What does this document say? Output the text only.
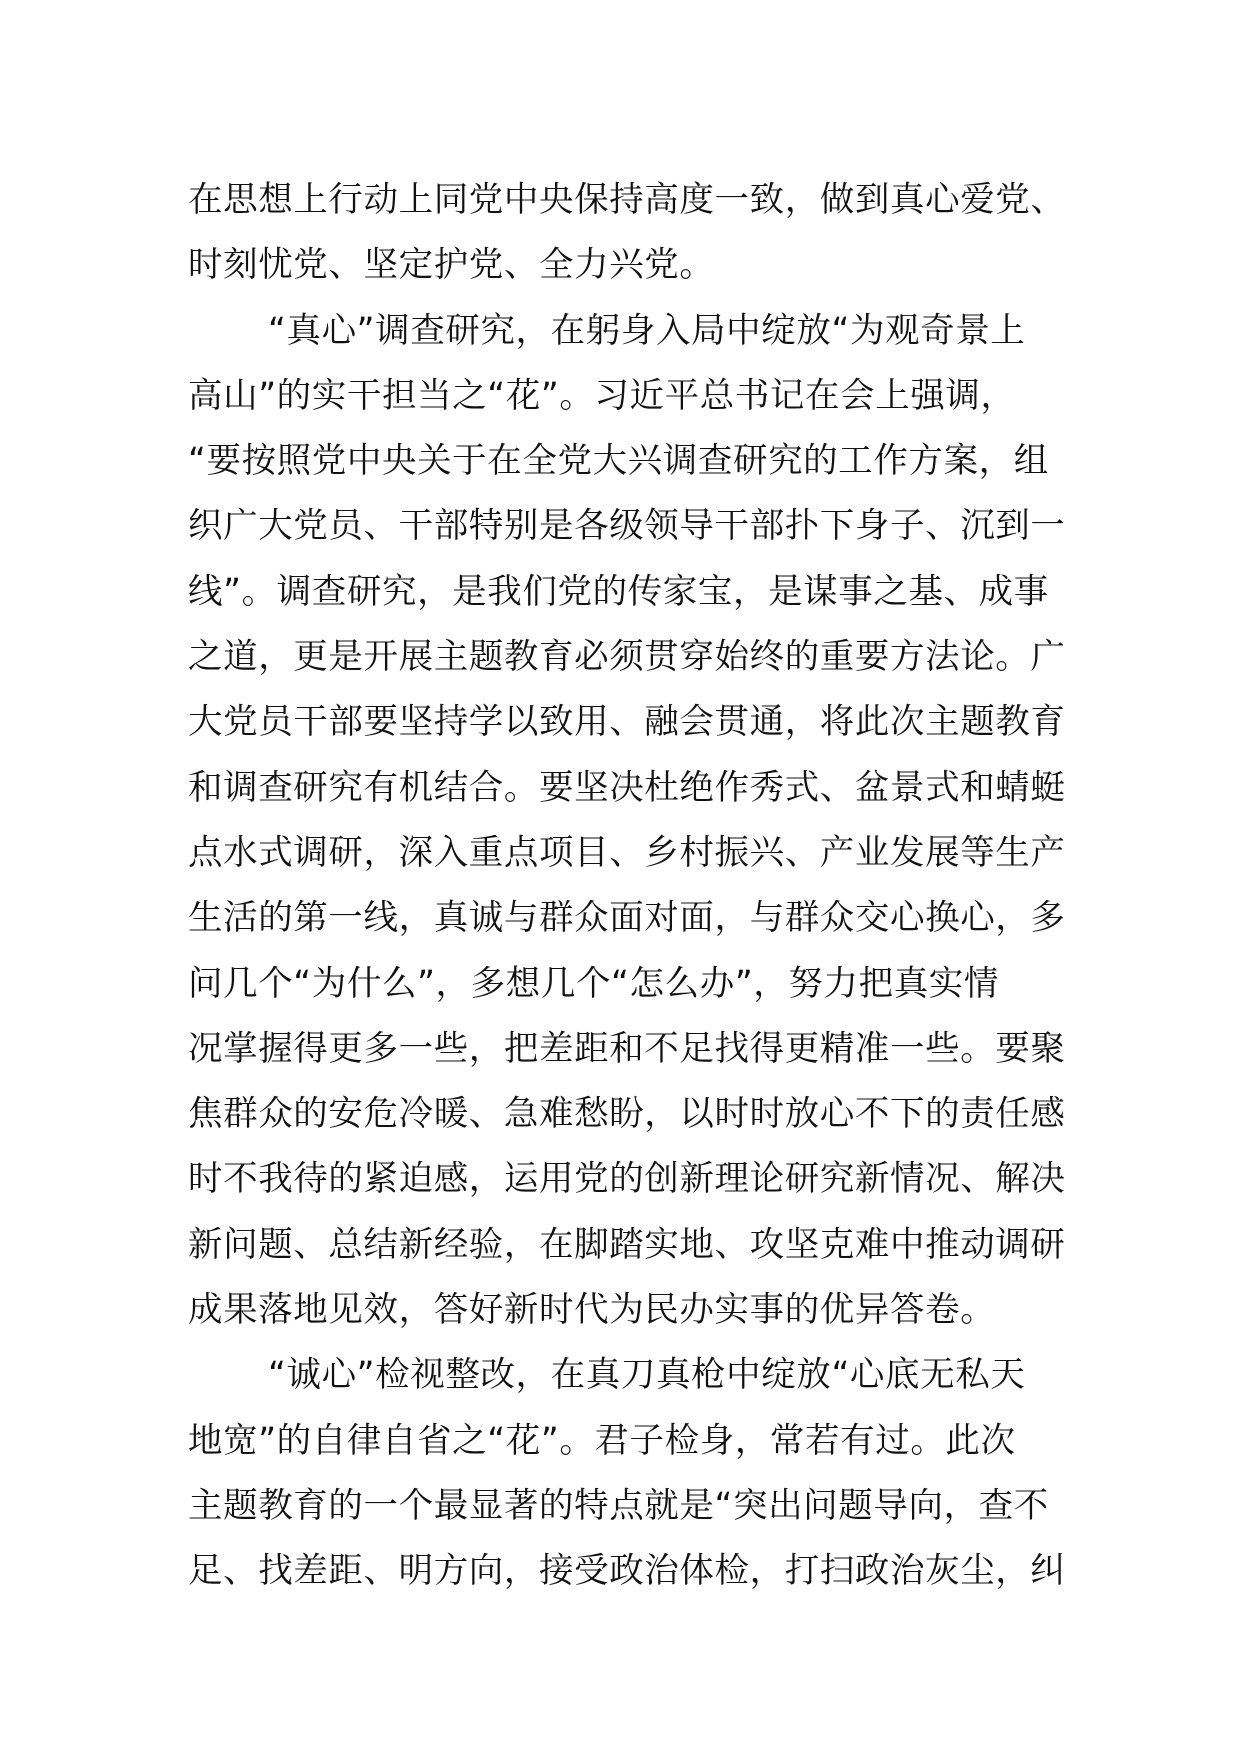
在思想上行动上同党中央保持高度一致，做到真心爱党、
时刻忧党、坚定护党、全力兴党。
“真心”调查研究，在躬身入局中绽放“为观奇景上
高山”的实干担当之“花”。习近平总书记在会上强调，
“要按照党中央关于在全党大兴调查研究的工作方案，组
织广大党员、干部特别是各级领导干部扑下身子、沉到一
线”。调查研究，是我们党的传家宝，是谋事之基、成事
之道，更是开展主题教育必须贯穿始终的重要方法论。广
大党员干部要坚持学以致用、融会贯通，将此次主题教育
和调查研究有机结合。要坚决杜绝作秀式、盆景式和蜻蜓
点水式调研，深入重点项目、乡村振兴、产业发展等生产
生活的第一线，真诚与群众面对面，与群众交心换心，多
问几个“为什么”，多想几个“怎么办”，努力把真实情
况掌握得更多一些，把差距和不足找得更精准一些。要聚
焦群众的安危冷暖、急难愁盼，以时时放心不下的责任感
时不我待的紧迫感，运用党的创新理论研究新情况、解决
新问题、总结新经验，在脚踏实地、攻坚克难中推动调研
成果落地见效，答好新时代为民办实事的优异答卷。
“诚心”检视整改，在真刀真枪中绽放“心底无私天
地宽”的自律自省之“花”。君子检身，常若有过。此次
主题教育的一个最显著的特点就是“突出问题导向，查不
足、找差距、明方向，接受政治体检，打扫政治灰尘，纠
